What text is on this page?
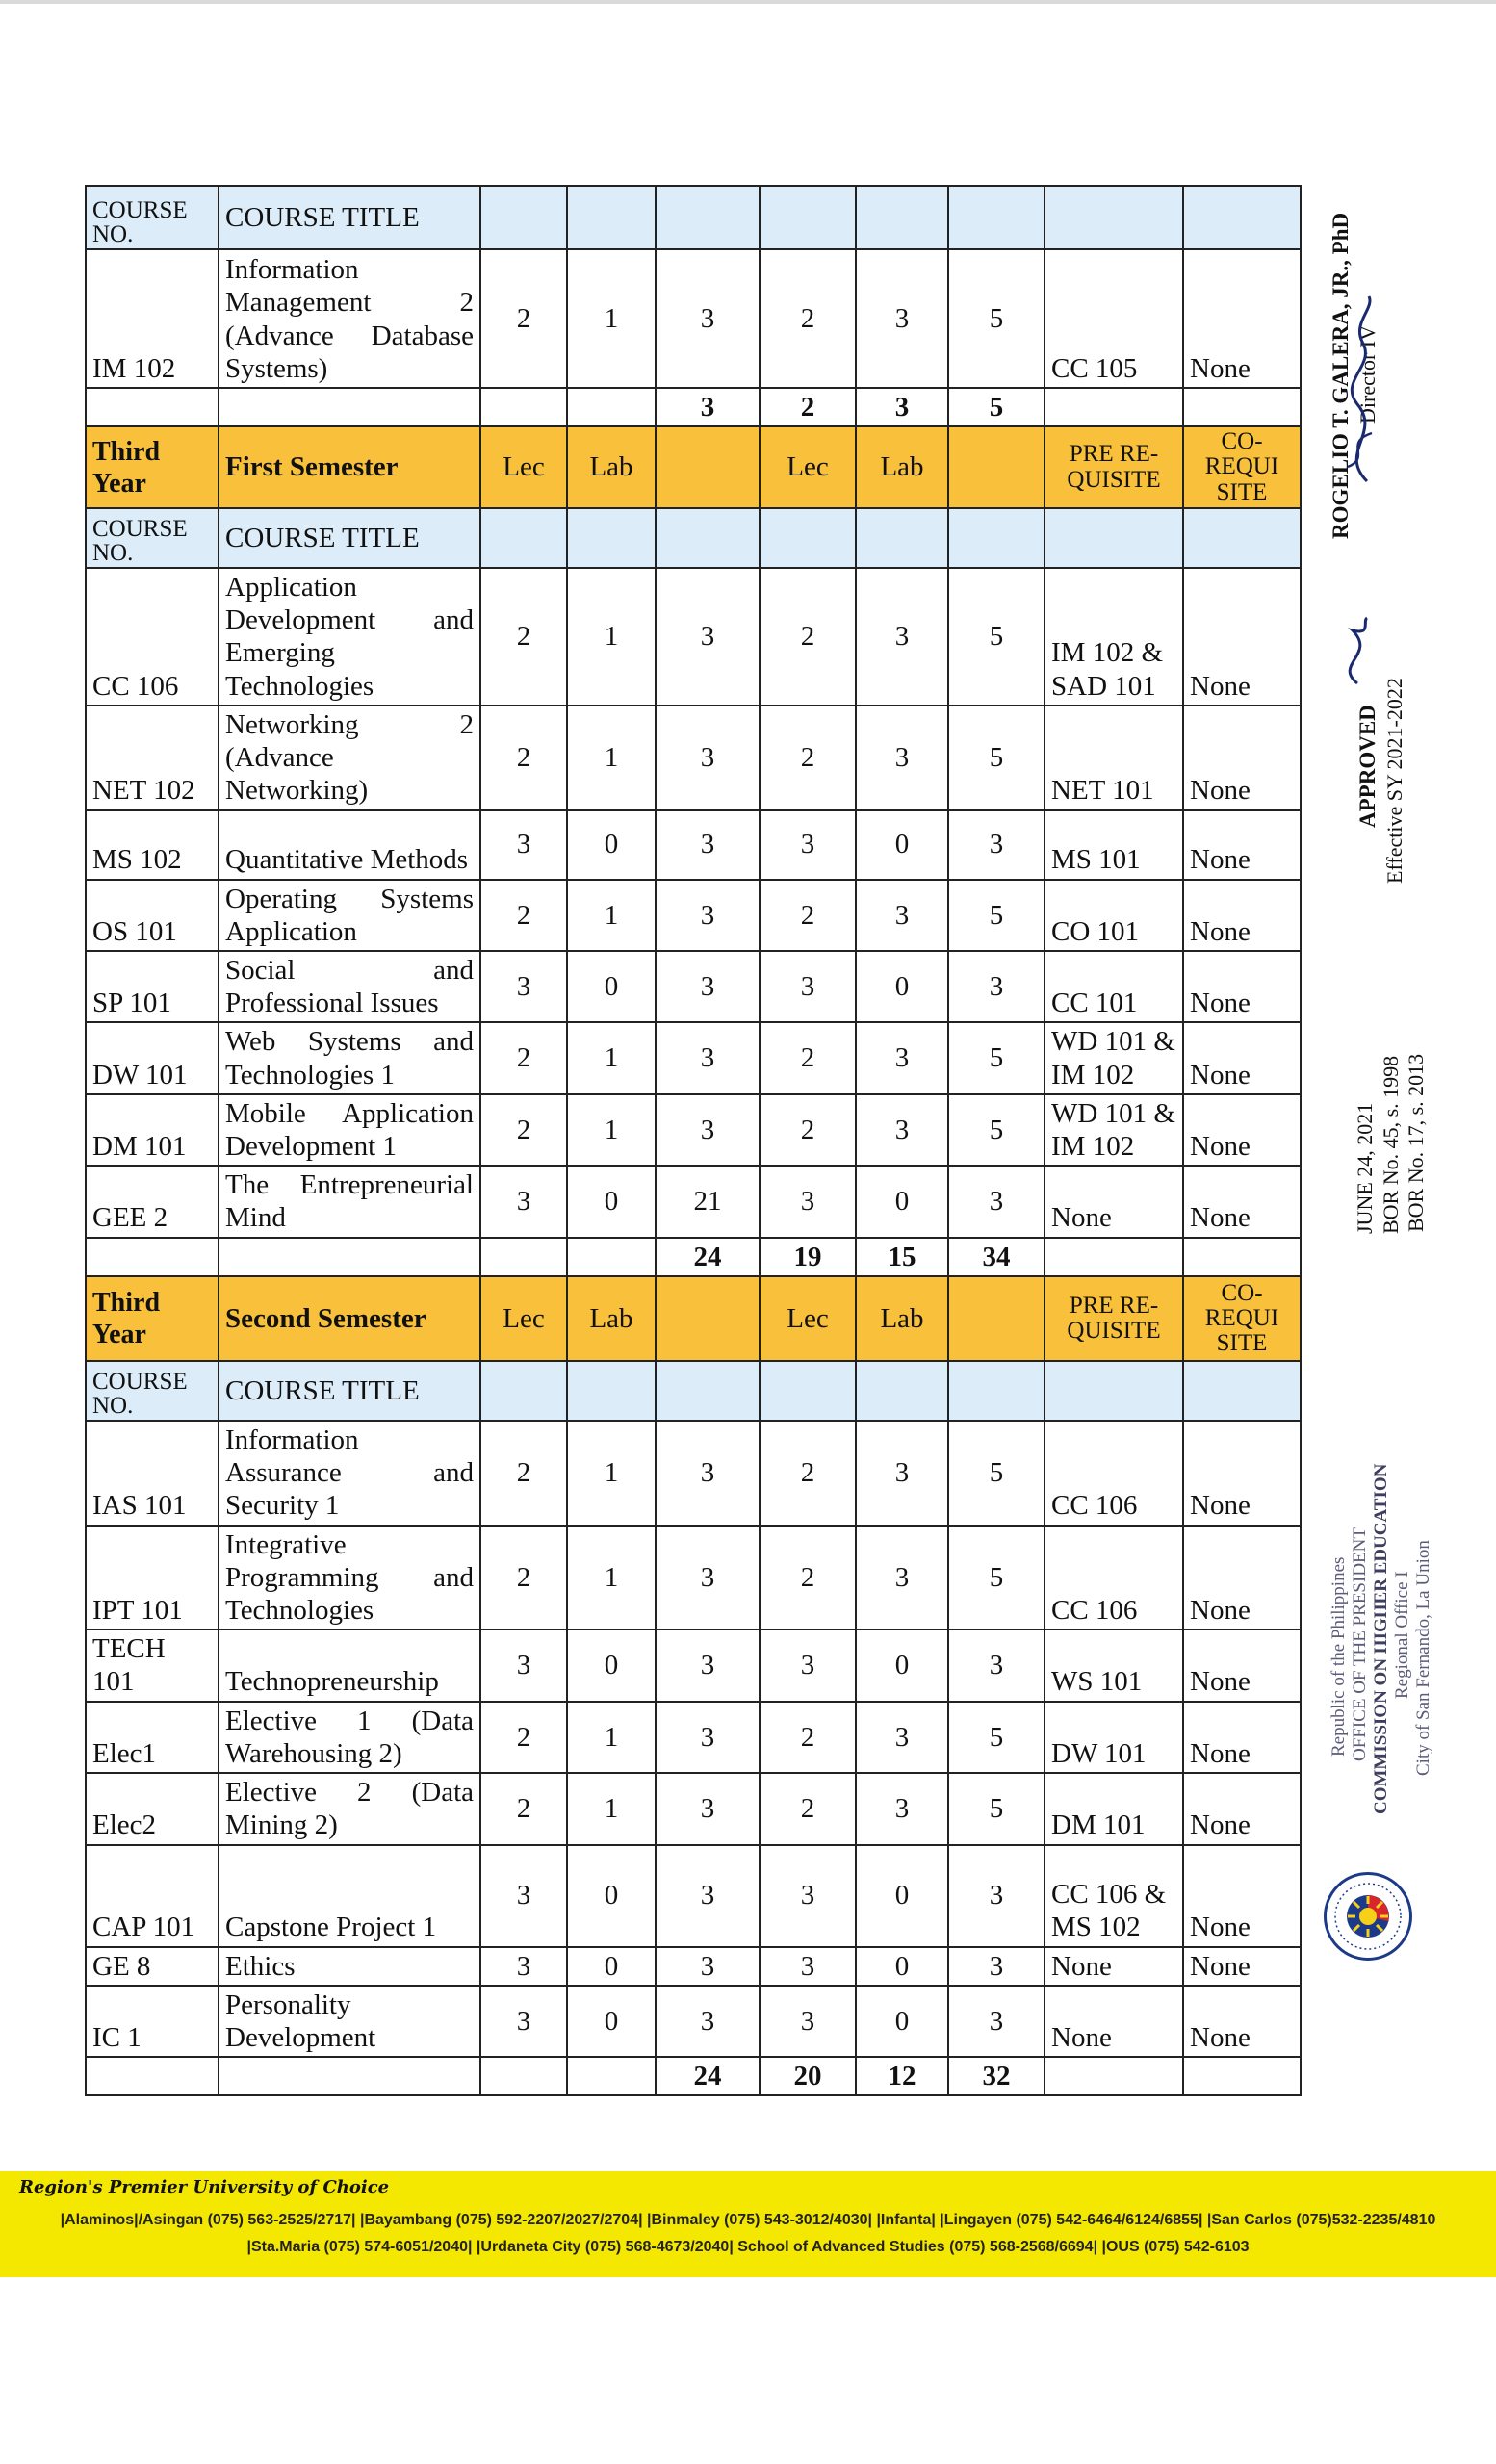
COURSE NO.	COURSE TITLE								
IM 102	Information Management 2 (Advance Database Systems)	2	1	3	2	3	5	CC 105	None
				3	2	3	5		
Third Year	First Semester	Lec	Lab		Lec	Lab		PRE RE-QUISITE	CO-REQUI SITE
COURSE NO.	COURSE TITLE								
CC 106	Application Development and Emerging Technologies	2	1	3	2	3	5	IM 102 & SAD 101	None
NET 102	Networking 2 (Advance Networking)	2	1	3	2	3	5	NET 101	None
MS 102	Quantitative Methods	3	0	3	3	0	3	MS 101	None
OS 101	Operating Systems Application	2	1	3	2	3	5	CO 101	None
SP 101	Social and Professional Issues	3	0	3	3	0	3	CC 101	None
DW 101	Web Systems and Technologies 1	2	1	3	2	3	5	WD 101 & IM 102	None
DM 101	Mobile Application Development 1	2	1	3	2	3	5	WD 101 & IM 102	None
GEE 2	The Entrepreneurial Mind	3	0	21	3	0	3	None	None
				24	19	15	34		
Third Year	Second Semester	Lec	Lab		Lec	Lab		PRE RE-QUISITE	CO-REQUI SITE
COURSE NO.	COURSE TITLE								
IAS 101	Information Assurance and Security 1	2	1	3	2	3	5	CC 106	None
IPT 101	Integrative Programming and Technologies	2	1	3	2	3	5	CC 106	None
TECH 101	Technopreneurship	3	0	3	3	0	3	WS 101	None
Elec1	Elective 1 (Data Warehousing 2)	2	1	3	2	3	5	DW 101	None
Elec2	Elective 2 (Data Mining 2)	2	1	3	2	3	5	DM 101	None
CAP 101	Capstone Project 1	3	0	3	3	0	3	CC 106 & MS 102	None
GE 8	Ethics	3	0	3	3	0	3	None	None
IC 1	Personality Development	3	0	3	3	0	3	None	None
				24	20	12	32		
ROGELIO T. GALERA, JR., PhD Director IV
APPROVED Effective SY 2021-2022
JUNE 24, 2021 BOR No. 45, s. 1998 BOR No. 17, s. 2013
Republic of the Philippines OFFICE OF THE PRESIDENT COMMISSION ON HIGHER EDUCATION Regional Office I City of San Fernando, La Union
Region's Premier University of Choice
|Alaminos|/Asingan (075) 563-2525/2717| |Bayambang (075) 592-2207/2027/2704| |Binmaley (075) 543-3012/4030| |Infanta| |Lingayen (075) 542-6464/6124/6855| |San Carlos (075)532-2235/4810
|Sta.Maria (075) 574-6051/2040| |Urdaneta City (075) 568-4673/2040| School of Advanced Studies (075) 568-2568/6694| |OUS (075) 542-6103
